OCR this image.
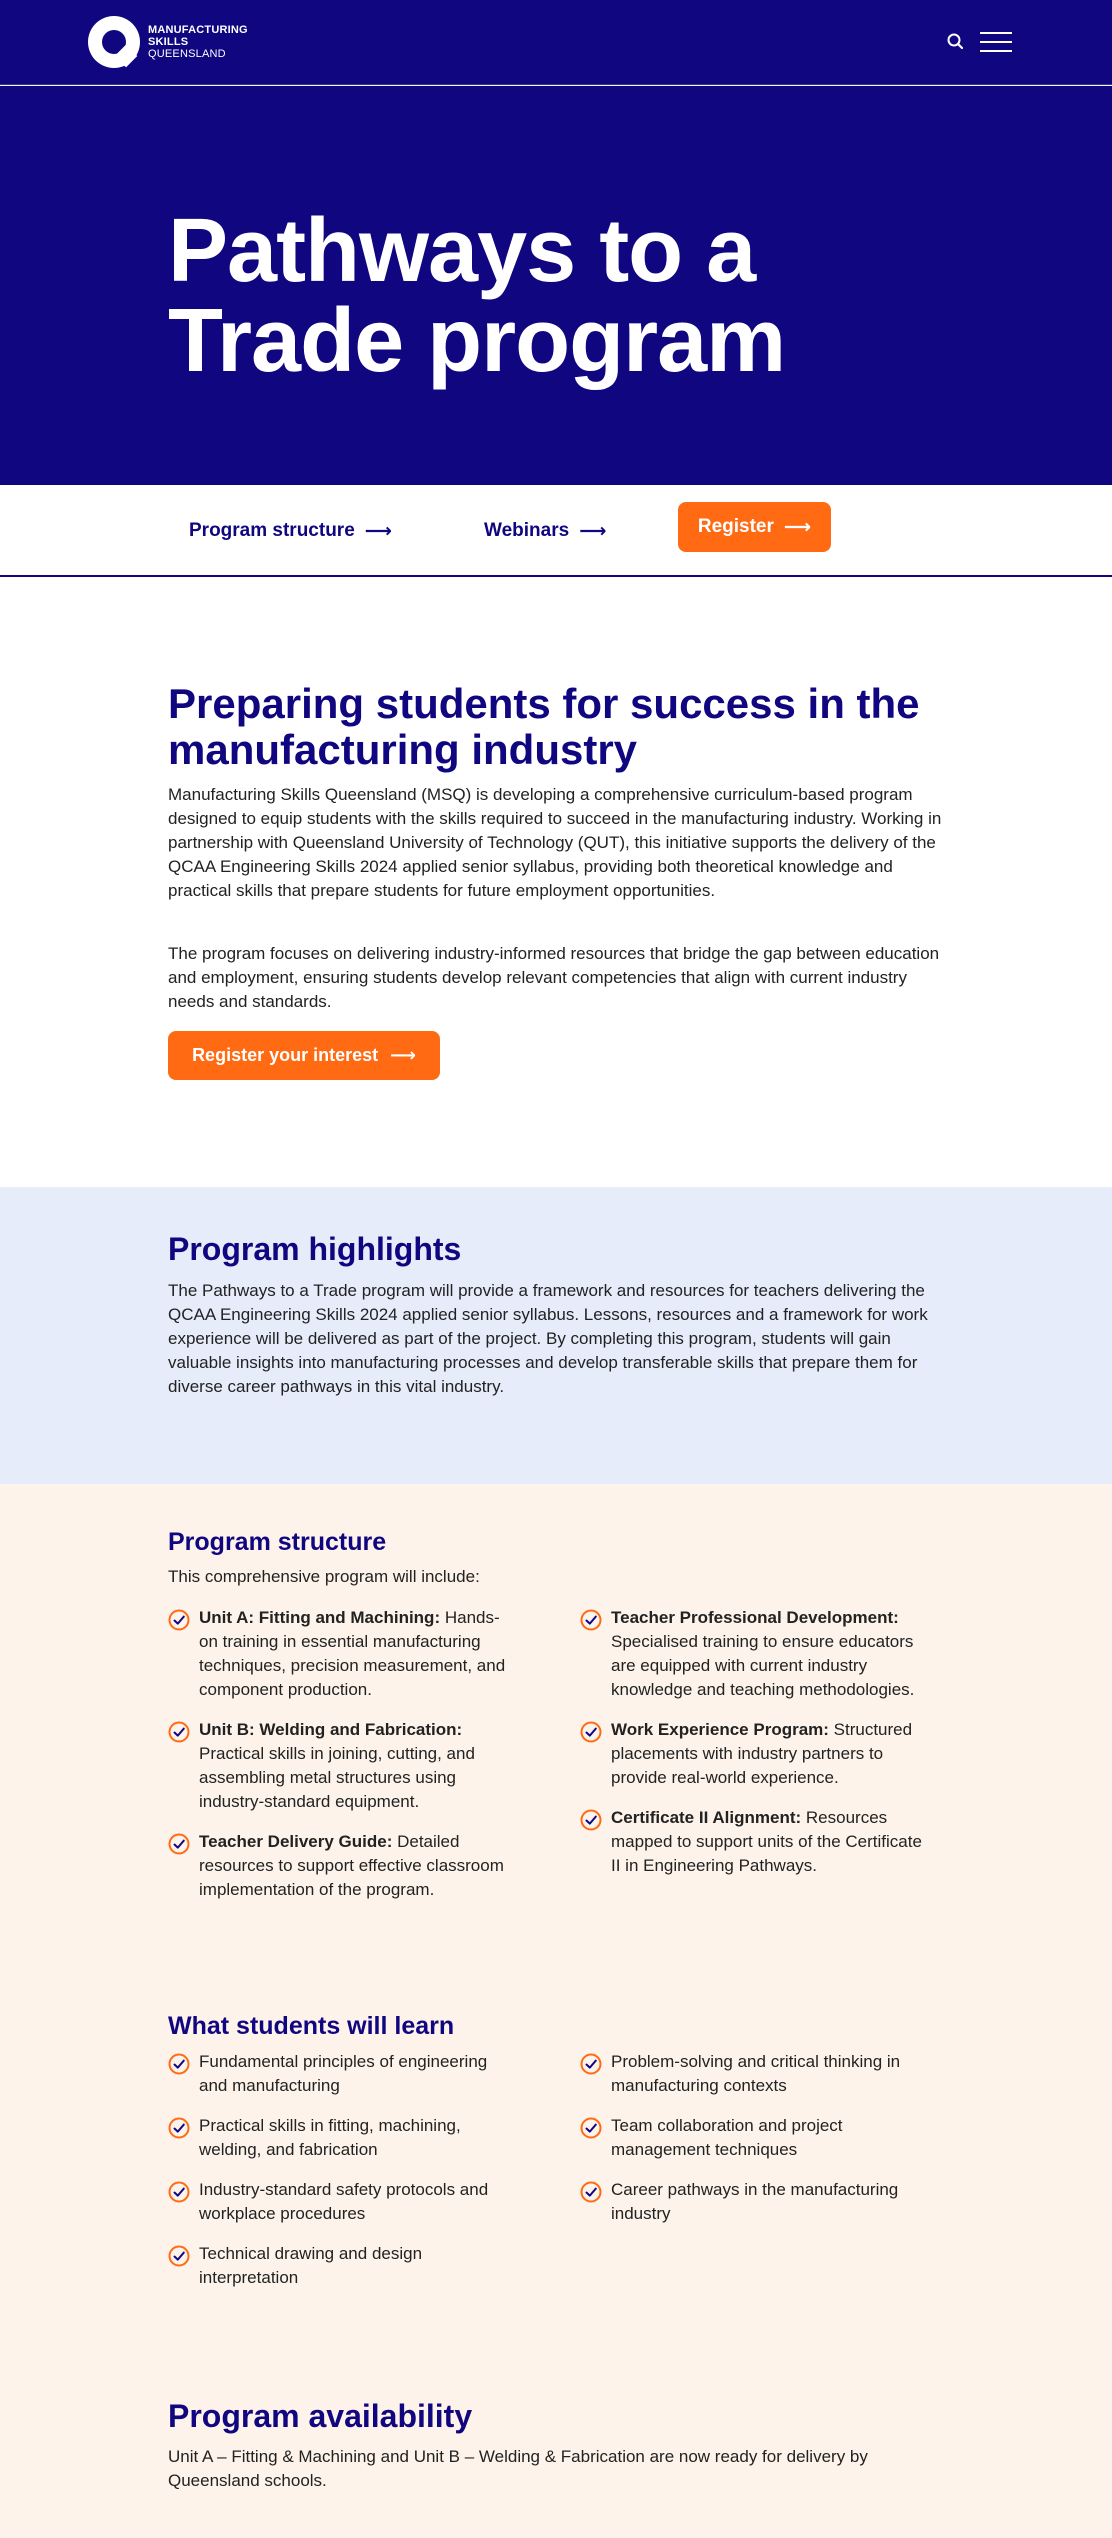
MANUFACTURING
SKILLS
QUEENSLAND
Pathways to a
Trade program
Program structure ⟶	Webinars ⟶	Register ⟶
Preparing students for success in the manufacturing industry

Manufacturing Skills Queensland (MSQ) is developing a comprehensive curriculum-based program designed to equip students with the skills required to succeed in the manufacturing industry. Working in partnership with Queensland University of Technology (QUT), this initiative supports the delivery of the QCAA Engineering Skills 2024 applied senior syllabus, providing both theoretical knowledge and practical skills that prepare students for future employment opportunities.

The program focuses on delivering industry-informed resources that bridge the gap between education and employment, ensuring students develop relevant competencies that align with current industry needs and standards.

Register your interest ⟶
Program highlights

The Pathways to a Trade program will provide a framework and resources for teachers delivering the QCAA Engineering Skills 2024 applied senior syllabus. Lessons, resources and a framework for work experience will be delivered as part of the project. By completing this program, students will gain valuable insights into manufacturing processes and develop transferable skills that prepare them for diverse career pathways in this vital industry.

Program structure

This comprehensive program will include:

Unit A: Fitting and Machining: Hands-on training in essential manufacturing techniques, precision measurement, and component production.
Unit B: Welding and Fabrication: Practical skills in joining, cutting, and assembling metal structures using industry-standard equipment.
Teacher Delivery Guide: Detailed resources to support effective classroom implementation of the program.
Teacher Professional Development: Specialised training to ensure educators are equipped with current industry knowledge and teaching methodologies.
Work Experience Program: Structured placements with industry partners to provide real-world experience.
Certificate II Alignment: Resources mapped to support units of the Certificate II in Engineering Pathways.
What students will learn
Fundamental principles of engineering and manufacturing
Practical skills in fitting, machining, welding, and fabrication
Industry-standard safety protocols and workplace procedures
Technical drawing and design interpretation
Problem-solving and critical thinking in manufacturing contexts
Team collaboration and project management techniques
Career pathways in the manufacturing industry
Program availability

Unit A – Fitting & Machining and Unit B – Welding & Fabrication are now ready for delivery by Queensland schools.
